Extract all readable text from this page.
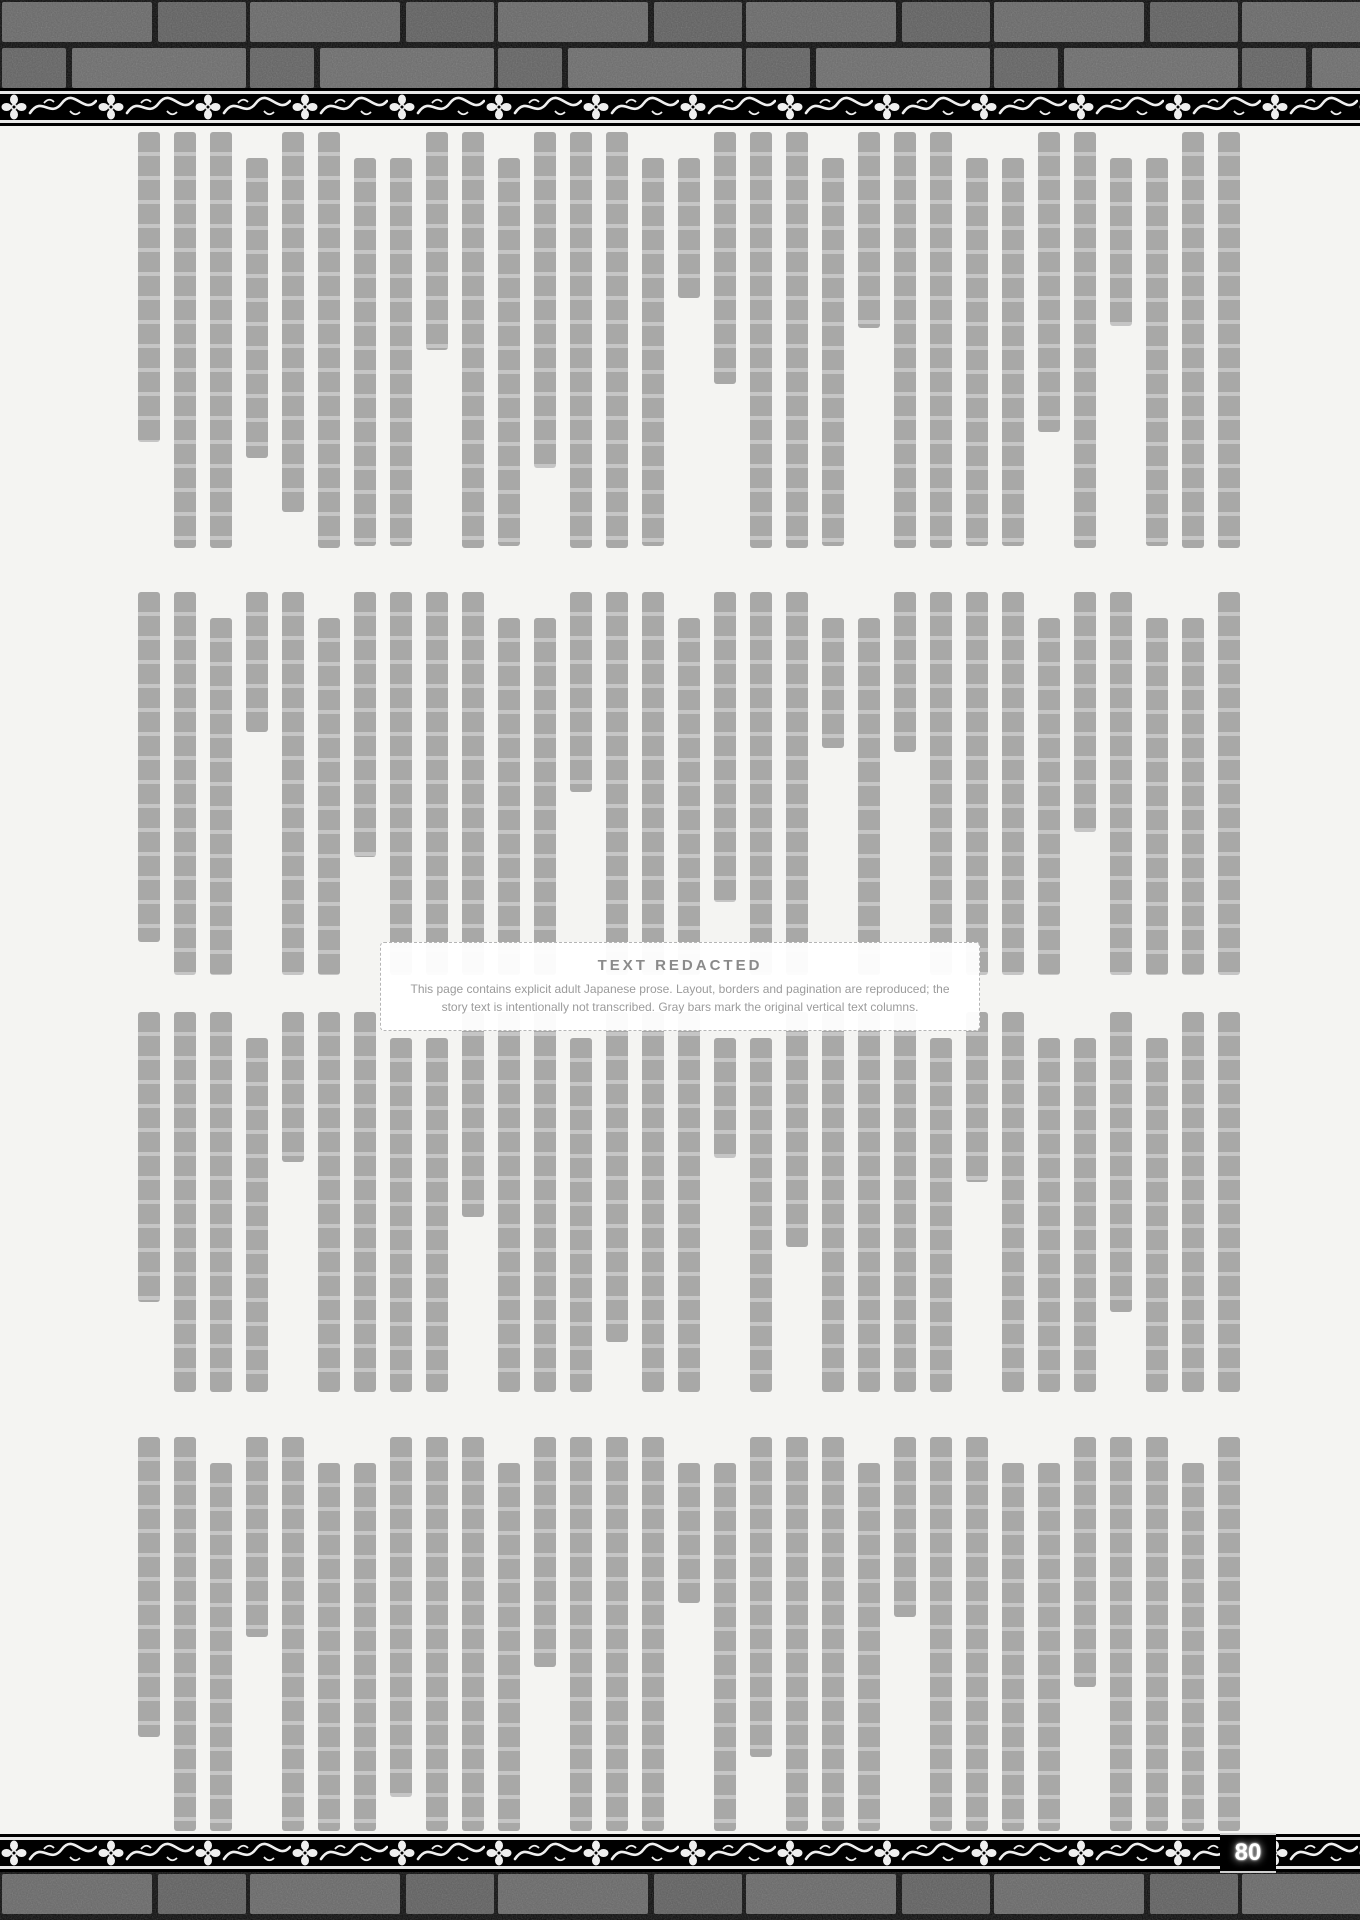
TEXT REDACTED

This page contains explicit adult Japanese prose. Layout, borders and pagination are reproduced; the story text is intentionally not transcribed. Gray bars mark the original vertical text columns.

80
